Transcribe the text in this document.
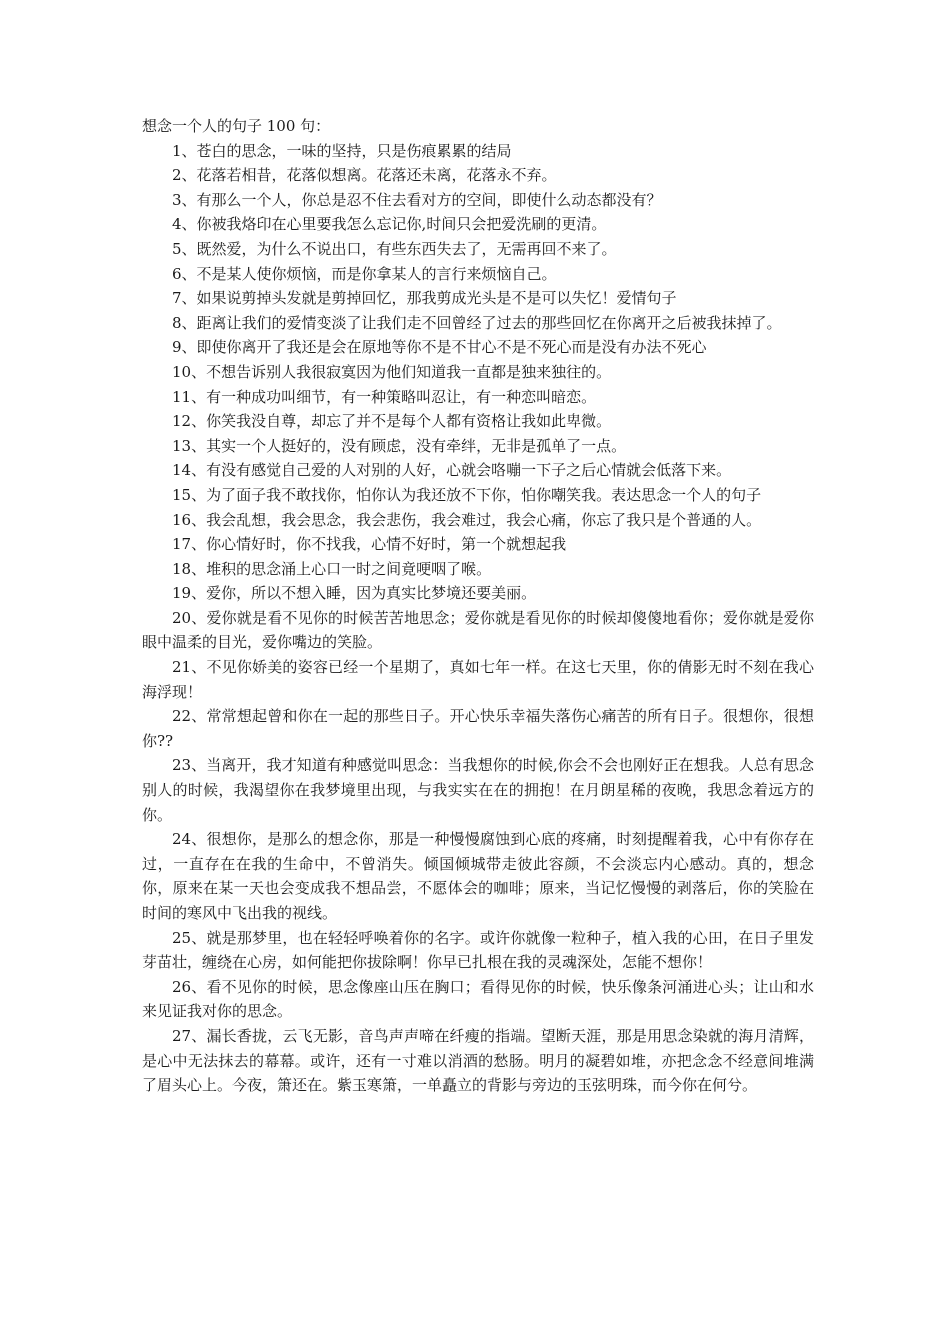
想念一个人的句子 100 句：

1、苍白的思念，一味的坚持，只是伤痕累累的结局

2、花落若相昔，花落似想离。花落还未离，花落永不弃。

3、有那么一个人，你总是忍不住去看对方的空间，即使什么动态都没有？

4、你被我烙印在心里要我怎么忘记你,时间只会把爱洗刷的更清。

5、既然爱，为什么不说出口，有些东西失去了，无需再回不来了。

6、不是某人使你烦恼，而是你拿某人的言行来烦恼自己。

7、如果说剪掉头发就是剪掉回忆，那我剪成光头是不是可以失忆！爱情句子

8、距离让我们的爱情变淡了让我们走不回曾经了过去的那些回忆在你离开之后被我抹掉了。

9、即使你离开了我还是会在原地等你不是不甘心不是不死心而是没有办法不死心

10、不想告诉别人我很寂寞因为他们知道我一直都是独来独往的。

11、有一种成功叫细节，有一种策略叫忍让，有一种恋叫暗恋。

12、你笑我没自尊，却忘了并不是每个人都有资格让我如此卑微。

13、其实一个人挺好的，没有顾虑，没有牵绊，无非是孤单了一点。

14、有没有感觉自己爱的人对别的人好，心就会咯嘣一下子之后心情就会低落下来。

15、为了面子我不敢找你，怕你认为我还放不下你，怕你嘲笑我。表达思念一个人的句子

16、我会乱想，我会思念，我会悲伤，我会难过，我会心痛，你忘了我只是个普通的人。

17、你心情好时，你不找我，心情不好时，第一个就想起我

18、堆积的思念涌上心口一时之间竟哽咽了喉。

19、爱你，所以不想入睡，因为真实比梦境还要美丽。

20、爱你就是看不见你的时候苦苦地思念；爱你就是看见你的时候却傻傻地看你；爱你就是爱你眼中温柔的目光，爱你嘴边的笑脸。

21、不见你娇美的姿容已经一个星期了，真如七年一样。在这七天里，你的倩影无时不刻在我心海浮现！

22、常常想起曾和你在一起的那些日子。开心快乐幸福失落伤心痛苦的所有日子。很想你，很想你??

23、当离开，我才知道有种感觉叫思念：当我想你的时候,你会不会也刚好正在想我。人总有思念别人的时候，我渴望你在我梦境里出现，与我实实在在的拥抱！在月朗星稀的夜晚，我思念着远方的你。

24、很想你，是那么的想念你，那是一种慢慢腐蚀到心底的疼痛，时刻提醒着我，心中有你存在过，一直存在在我的生命中，不曾消失。倾国倾城带走彼此容颜，不会淡忘内心感动。真的，想念你，原来在某一天也会变成我不想品尝，不愿体会的咖啡；原来，当记忆慢慢的剥落后，你的笑脸在时间的寒风中飞出我的视线。

25、就是那梦里，也在轻轻呼唤着你的名字。或许你就像一粒种子，植入我的心田，在日子里发芽苗壮，缠绕在心房，如何能把你拔除啊！你早已扎根在我的灵魂深处，怎能不想你！

26、看不见你的时候，思念像座山压在胸口；看得见你的时候，快乐像条河涌进心头；让山和水来见证我对你的思念。

27、漏长香拢，云飞无影，音鸟声声啼在纤瘦的指端。望断天涯，那是用思念染就的海月清辉，是心中无法抹去的幕幕。或许，还有一寸难以消酒的愁肠。明月的凝碧如堆，亦把念念不经意间堆满了眉头心上。今夜，箫还在。紫玉寒箫，一单矗立的背影与旁边的玉弦明珠，而今你在何兮。
